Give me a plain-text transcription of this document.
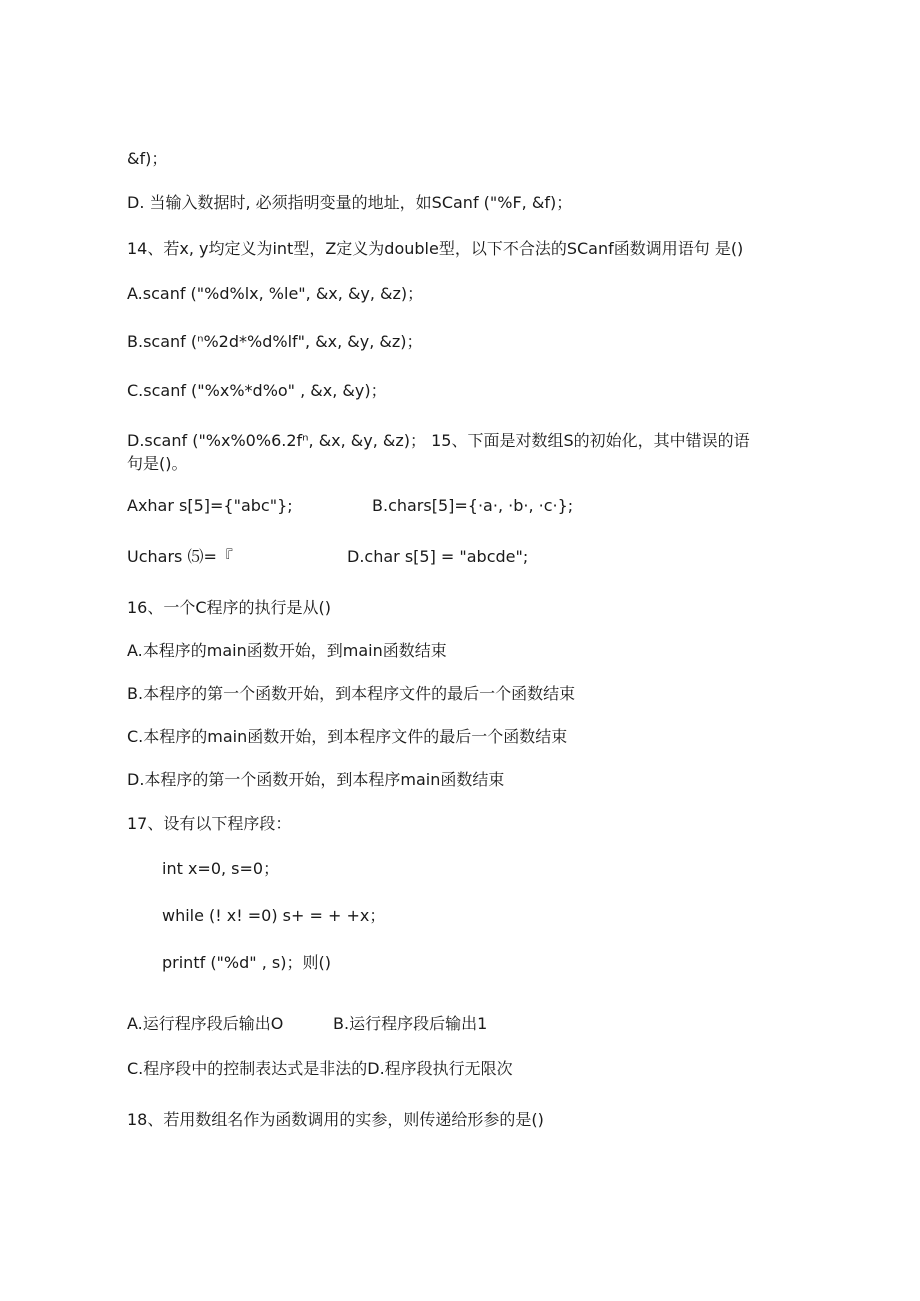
&f)；
D. 当输入数据时, 必须指明变量的地址，如SCanf ("%F, &f)；
14、若x, y均定义为int型，Z定义为double型，以下不合法的SCanf函数调用语句 是()
A.scanf ("%d%lx, %le", &x, &y, &z)；
B.scanf (ⁿ%2d*%d%lf", &x, &y, &z)；
C.scanf ("%x%*d%o" , &x, &y)；
D.scanf ("%x%0%6.2fⁿ, &x, &y, &z)； 15、下面是对数组S的初始化，其中错误的语
句是()。
Axhar s[5]={"abc"};	B.chars[5]={·a·, ·b·, ·c·};
Uchars ⑸=『	D.char s[5] = "abcde";
16、一个C程序的执行是从()
A.本程序的main函数开始，到main函数结束
B.本程序的第一个函数开始，到本程序文件的最后一个函数结束
C.本程序的main函数开始，到本程序文件的最后一个函数结束
D.本程序的第一个函数开始，到本程序main函数结束
17、设有以下程序段：
int x=0, s=0；
while (! x! =0) s+ = + +x；
printf ("%d" , s)；则()
A.运行程序段后输出O	B.运行程序段后输出1
C.程序段中的控制表达式是非法的D.程序段执行无限次
18、若用数组名作为函数调用的实参，则传递给形参的是()
